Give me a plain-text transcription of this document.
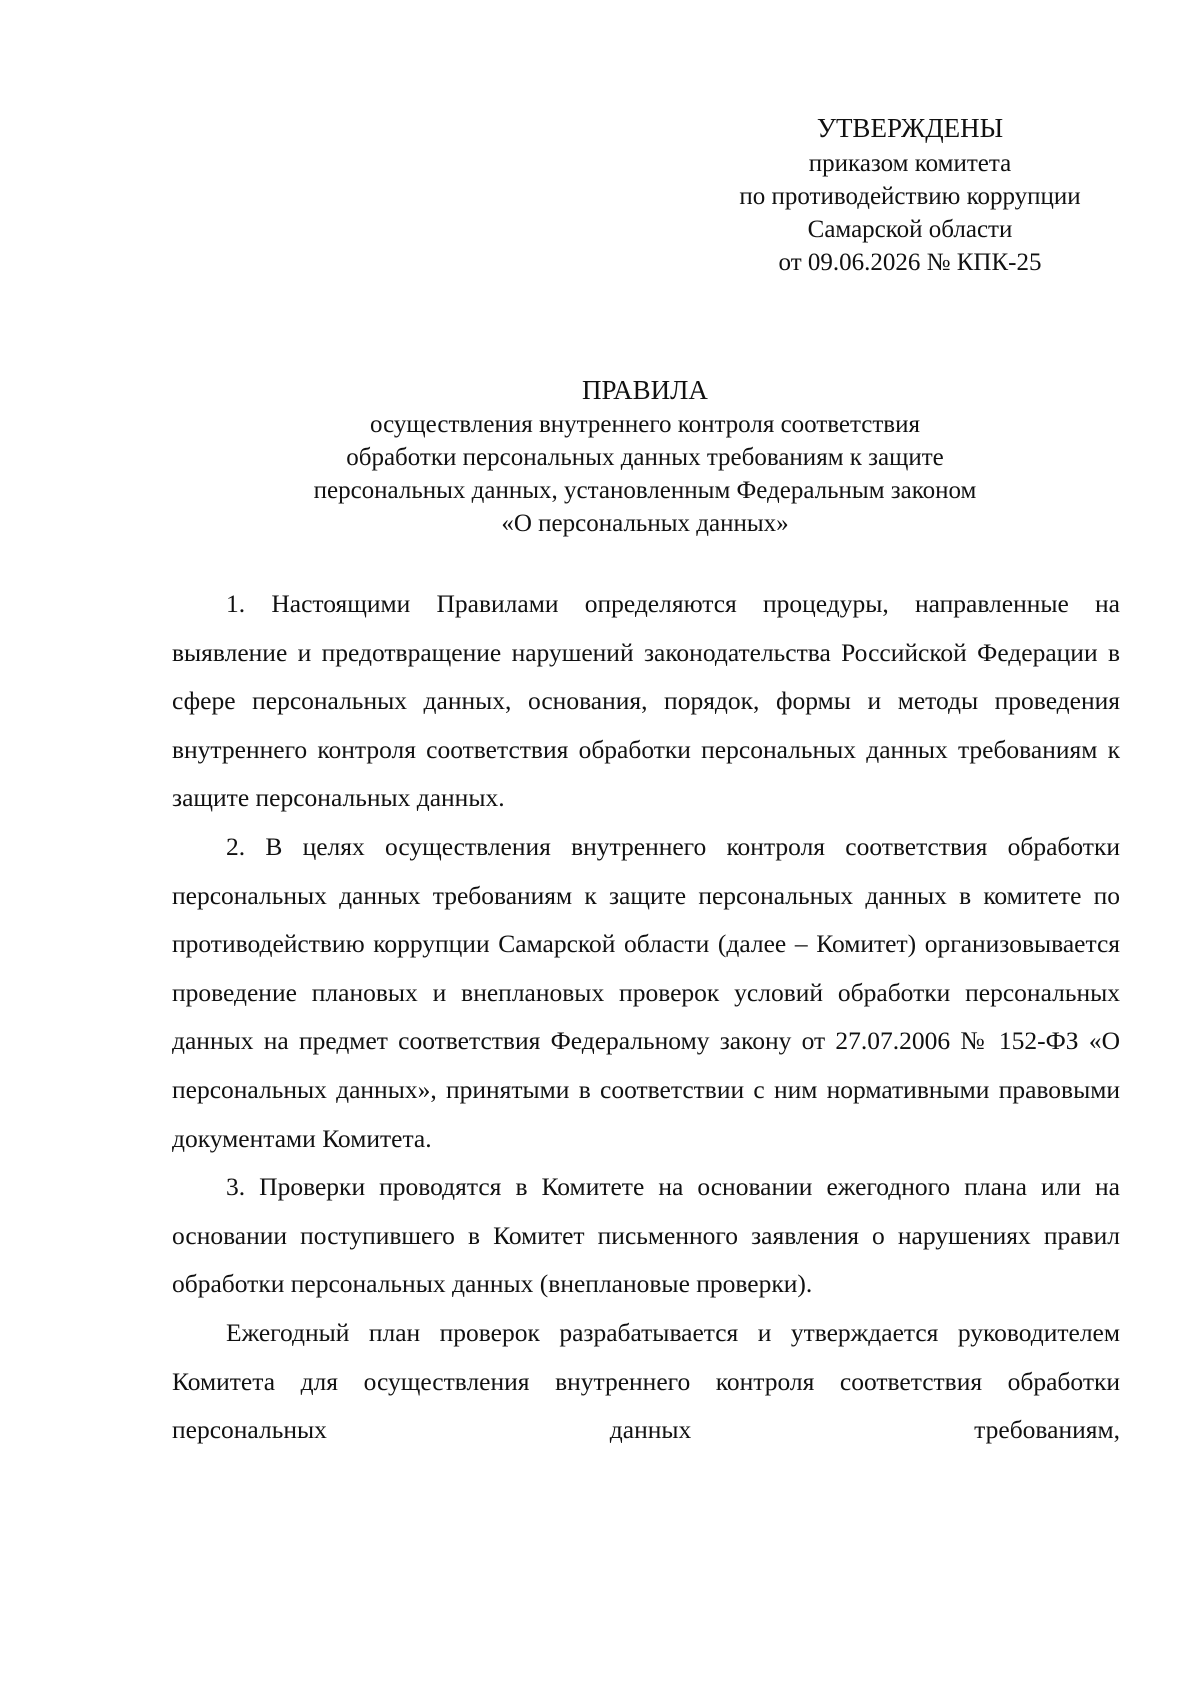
УТВЕРЖДЕНЫ
приказом комитета
по противодействию коррупции
Самарской области
от 09.06.2026 № КПК-25
ПРАВИЛА
осуществления внутреннего контроля соответствия
обработки персональных данных требованиям к защите
персональных данных, установленным Федеральным законом
«О персональных данных»

1. Настоящими Правилами определяются процедуры, направленные на выявление и предотвращение нарушений законодательства Российской Федерации в сфере персональных данных, основания, порядок, формы и методы проведения внутреннего контроля соответствия обработки персональных данных требованиям к защите персональных данных.

2. В целях осуществления внутреннего контроля соответствия обработки персональных данных требованиям к защите персональных данных в комитете по противодействию коррупции Самарской области (далее – Комитет) организовывается проведение плановых и внеплановых проверок условий обработки персональных данных на предмет соответствия Федеральному закону от 27.07.2006 № 152-ФЗ «О персональных данных», принятыми в соответствии с ним нормативными правовыми документами Комитета.

3. Проверки проводятся в Комитете на основании ежегодного плана или на основании поступившего в Комитет письменного заявления о нарушениях правил обработки персональных данных (внеплановые проверки).

Ежегодный план проверок разрабатывается и утверждается руководителем Комитета для осуществления внутреннего контроля соответствия обработки персональных данных требованиям,
